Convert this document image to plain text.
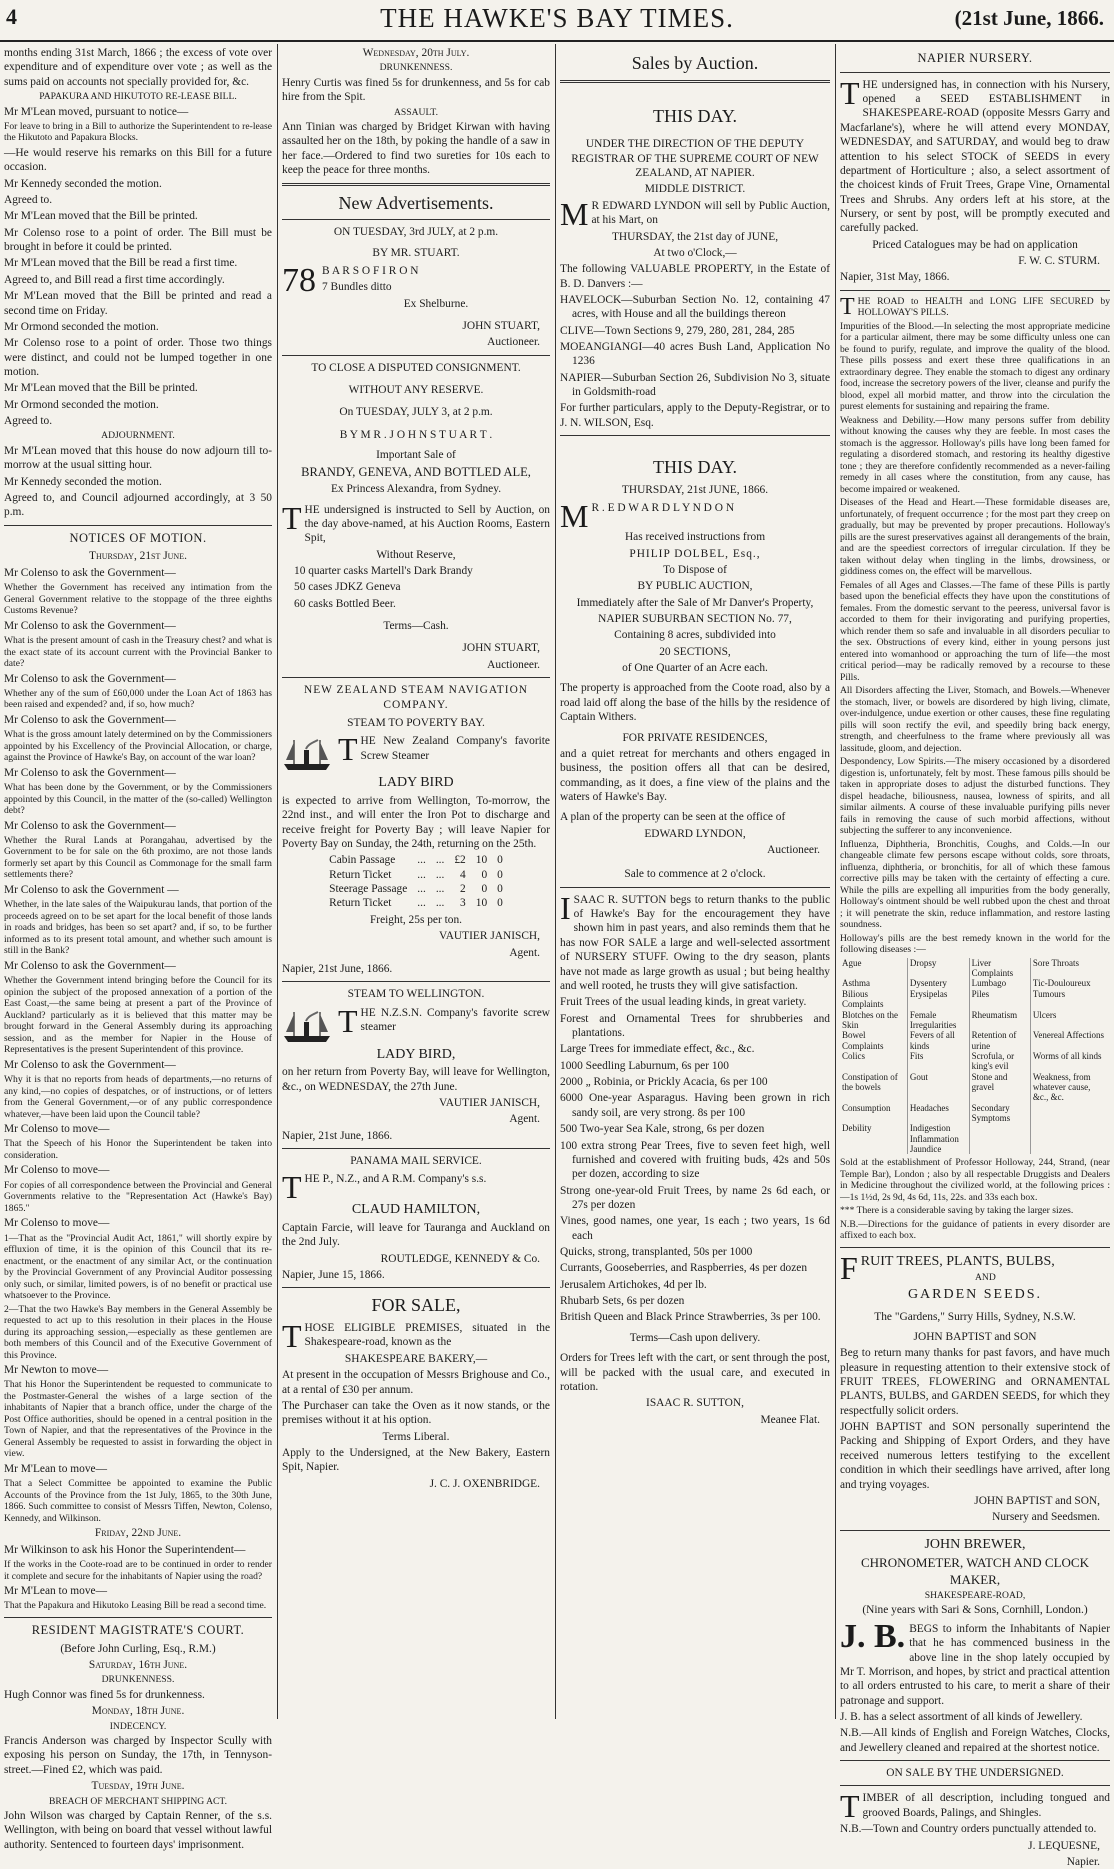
4	THE HAWKE'S BAY TIMES.	(21st June, 1866.

months ending 31st March, 1866 ; the excess of vote over expenditure and of expenditure over vote ; as well as the sums paid on accounts not specially provided for, &c.

PAPAKURA AND HIKUTOTO RE-LEASE BILL.

Mr M'Lean moved, pursuant to notice—

For leave to bring in a Bill to authorize the Superintendent to re-lease the Hikutoto and Papakura Blocks.

—He would reserve his remarks on this Bill for a future occasion.

Mr Kennedy seconded the motion.

Agreed to.

Mr M'Lean moved that the Bill be printed.

Mr Colenso rose to a point of order. The Bill must be brought in before it could be printed.

Mr M'Lean moved that the Bill be read a first time.

Agreed to, and Bill read a first time accordingly.

Mr M'Lean moved that the Bill be printed and read a second time on Friday.

Mr Ormond seconded the motion.

Mr Colenso rose to a point of order. Those two things were distinct, and could not be lumped together in one motion.

Mr M'Lean moved that the Bill be printed.

Mr Ormond seconded the motion.

Agreed to.

ADJOURNMENT.

Mr M'Lean moved that this house do now adjourn till to-morrow at the usual sitting hour.

Mr Kennedy seconded the motion.

Agreed to, and Council adjourned accordingly, at 3 50 p.m.

NOTICES OF MOTION.

Thursday, 21st June.

Mr Colenso to ask the Government—

Whether the Government has received any intimation from the General Government relative to the stoppage of the three eighths Customs Revenue?

Mr Colenso to ask the Government—

What is the present amount of cash in the Treasury chest? and what is the exact state of its account current with the Provincial Banker to date?

Mr Colenso to ask the Government—

Whether any of the sum of £60,000 under the Loan Act of 1863 has been raised and expended? and, if so, how much?

Mr Colenso to ask the Government—

What is the gross amount lately determined on by the Commissioners appointed by his Excellency of the Provincial Allocation, or charge, against the Province of Hawke's Bay, on account of the war loan?

Mr Colenso to ask the Government—

What has been done by the Government, or by the Commissioners appointed by this Council, in the matter of the (so-called) Wellington debt?

Mr Colenso to ask the Government—

Whether the Rural Lands at Porangahau, advertised by the Government to be for sale on the 6th proximo, are not those lands formerly set apart by this Council as Commonage for the small farm settlements there?

Mr Colenso to ask the Government —

Whether, in the late sales of the Waipukurau lands, that portion of the proceeds agreed on to be set apart for the local benefit of those lands in roads and bridges, has been so set apart? and, if so, to be further informed as to its present total amount, and whether such amount is still in the Bank?

Mr Colenso to ask the Government—

Whether the Government intend bringing before the Council for its opinion the subject of the proposed annexation of a portion of the East Coast,—the same being at present a part of the Province of Auckland? particularly as it is believed that this matter may be brought forward in the General Assembly during its approaching session, and as the member for Napier in the House of Representatives is the present Superintendent of this province.

Mr Colenso to ask the Government—

Why it is that no reports from heads of departments,—no returns of any kind,—no copies of despatches, or of instructions, or of letters from the General Government,—or of any public correspondence whatever,—have been laid upon the Council table?

Mr Colenso to move—

That the Speech of his Honor the Superintendent be taken into consideration.

Mr Colenso to move—

For copies of all correspondence between the Provincial and General Governments relative to the "Representation Act (Hawke's Bay) 1865."

Mr Colenso to move—

1—That as the "Provincial Audit Act, 1861," will shortly expire by effluxion of time, it is the opinion of this Council that its re-enactment, or the enactment of any similar Act, or the continuation by the Provincial Government of any Provincial Auditor possessing only such, or similar, limited powers, is of no benefit or practical use whatsoever to the Province.

2—That the two Hawke's Bay members in the General Assembly be requested to act up to this resolution in their places in the House during its approaching session,—especially as these gentlemen are both members of this Council and of the Executive Government of this Province.

Mr Newton to move—

That his Honor the Superintendent be requested to communicate to the Postmaster-General the wishes of a large section of the inhabitants of Napier that a branch office, under the charge of the Post Office authorities, should be opened in a central position in the Town of Napier, and that the representatives of the Province in the General Assembly be requested to assist in forwarding the object in view.

Mr M'Lean to move—

That a Select Committee be appointed to examine the Public Accounts of the Province from the 1st July, 1865, to the 30th June, 1866. Such committee to consist of Messrs Tiffen, Newton, Colenso, Kennedy, and Wilkinson.

Friday, 22nd June.

Mr Wilkinson to ask his Honor the Superintendent—

If the works in the Coote-road are to be continued in order to render it complete and secure for the inhabitants of Napier using the road?

Mr M'Lean to move—

That the Papakura and Hikutoko Leasing Bill be read a second time.

RESIDENT MAGISTRATE'S COURT.

(Before John Curling, Esq., R.M.)

Saturday, 16th June.

DRUNKENNESS.

Hugh Connor was fined 5s for drunkenness.

Monday, 18th June.

INDECENCY.

Francis Anderson was charged by Inspector Scully with exposing his person on Sunday, the 17th, in Tennyson-street.—Fined £2, which was paid.

Tuesday, 19th June.

BREACH OF MERCHANT SHIPPING ACT.

John Wilson was charged by Captain Renner, of the s.s. Wellington, with being on board that vessel without lawful authority. Sentenced to fourteen days' imprisonment.

Wednesday, 20th July.

DRUNKENNESS.

Henry Curtis was fined 5s for drunkenness, and 5s for cab hire from the Spit.

ASSAULT.

Ann Tinian was charged by Bridget Kirwan with having assaulted her on the 18th, by poking the handle of a saw in her face.—Ordered to find two sureties for 10s each to keep the peace for three months.

New Advertisements.

ON TUESDAY, 3rd JULY, at 2 p.m.

BY MR. STUART.

78 B A R S O F I R O N

7 Bundles ditto

Ex Shelburne.

JOHN STUART,

Auctioneer.

TO CLOSE A DISPUTED CONSIGNMENT.

WITHOUT ANY RESERVE.

On TUESDAY, JULY 3, at 2 p.m.

B Y M R . J O H N S T U A R T .

Important Sale of

BRANDY, GENEVA, AND BOTTLED ALE,

Ex Princess Alexandra, from Sydney.

THE undersigned is instructed to Sell by Auction, on the day above-named, at his Auction Rooms, Eastern Spit,

Without Reserve,

10 quarter casks Martell's Dark Brandy

50 cases JDKZ Geneva

60 casks Bottled Beer.

Terms—Cash.

JOHN STUART,

Auctioneer.

NEW ZEALAND STEAM NAVIGATION COMPANY.

STEAM TO POVERTY BAY.

THE New Zealand Company's favorite Screw Steamer

LADY BIRD

is expected to arrive from Wellington, To-morrow, the 22nd inst., and will enter the Iron Pot to discharge and receive freight for Poverty Bay ; will leave Napier for Poverty Bay on Sunday, the 24th, returning on the 25th.

Cabin Passage	...	...	£2	10	0
Return Ticket	...	...	4	0	0
Steerage Passage	...	...	2	0	0
Return Ticket	...	...	3	10	0

Freight, 25s per ton.

VAUTIER JANISCH,

Agent.

Napier, 21st June, 1866.

STEAM TO WELLINGTON.

THE N.Z.S.N. Company's favorite screw steamer

LADY BIRD,

on her return from Poverty Bay, will leave for Wellington, &c., on WEDNESDAY, the 27th June.

VAUTIER JANISCH,

Agent.

Napier, 21st June, 1866.

PANAMA MAIL SERVICE.

THE P., N.Z., and A R.M. Company's s.s.

CLAUD HAMILTON,

Captain Farcie, will leave for Tauranga and Auckland on the 2nd July.

ROUTLEDGE, KENNEDY & Co.

Napier, June 15, 1866.

FOR SALE,

THOSE ELIGIBLE PREMISES, situated in the Shakespeare-road, known as the

SHAKESPEARE BAKERY,—

At present in the occupation of Messrs Brighouse and Co., at a rental of £30 per annum.

The Purchaser can take the Oven as it now stands, or the premises without it at his option.

Terms Liberal.

Apply to the Undersigned, at the New Bakery, Eastern Spit, Napier.

J. C. J. OXENBRIDGE.

Sales by Auction.

THIS DAY.

UNDER THE DIRECTION OF THE DEPUTY REGISTRAR OF THE SUPREME COURT OF NEW ZEALAND, AT NAPIER.

MIDDLE DISTRICT.

M R EDWARD LYNDON will sell by Public Auction, at his Mart, on

THURSDAY, the 21st day of JUNE,

At two o'Clock,—

The following VALUABLE PROPERTY, in the Estate of B. D. Danvers :—

HAVELOCK—Suburban Section No. 12, containing 47 acres, with House and all the buildings thereon

CLIVE—Town Sections 9, 279, 280, 281, 284, 285

MOEANGIANGI—40 acres Bush Land, Application No 1236

NAPIER—Suburban Section 26, Subdivision No 3, situate in Goldsmith-road

For further particulars, apply to the Deputy-Registrar, or to J. N. WILSON, Esq.

THIS DAY.

THURSDAY, 21st JUNE, 1866.

M R . E D W A R D L Y N D O N

Has received instructions from

PHILIP DOLBEL, Esq.,

To Dispose of

BY PUBLIC AUCTION,

Immediately after the Sale of Mr Danver's Property,

NAPIER SUBURBAN SECTION No. 77,

Containing 8 acres, subdivided into

20 SECTIONS,

of One Quarter of an Acre each.

The property is approached from the Coote road, also by a road laid off along the base of the hills by the residence of Captain Withers.

FOR PRIVATE RESIDENCES,

and a quiet retreat for merchants and others engaged in business, the position offers all that can be desired, commanding, as it does, a fine view of the plains and the waters of Hawke's Bay.

A plan of the property can be seen at the office of

EDWARD LYNDON,

Auctioneer.

Sale to commence at 2 o'clock.

ISAAC R. SUTTON begs to return thanks to the public of Hawke's Bay for the encouragement they have shown him in past years, and also reminds them that he has now FOR SALE a large and well-selected assortment of NURSERY STUFF. Owing to the dry season, plants have not made as large growth as usual ; but being healthy and well rooted, he trusts they will give satisfaction.

Fruit Trees of the usual leading kinds, in great variety.

Forest and Ornamental Trees for shrubberies and plantations.

Large Trees for immediate effect, &c., &c.

1000 Seedling Laburnum, 6s per 100

2000 „ Robinia, or Prickly Acacia, 6s per 100

6000 One-year Asparagus. Having been grown in rich sandy soil, are very strong. 8s per 100

500 Two-year Sea Kale, strong, 6s per dozen

100 extra strong Pear Trees, five to seven feet high, well furnished and covered with fruiting buds, 42s and 50s per dozen, according to size

Strong one-year-old Fruit Trees, by name 2s 6d each, or 27s per dozen

Vines, good names, one year, 1s each ; two years, 1s 6d each

Quicks, strong, transplanted, 50s per 1000

Currants, Gooseberries, and Raspberries, 4s per dozen

Jerusalem Artichokes, 4d per lb.

Rhubarb Sets, 6s per dozen

British Queen and Black Prince Strawberries, 3s per 100.

Terms—Cash upon delivery.

Orders for Trees left with the cart, or sent through the post, will be packed with the usual care, and executed in rotation.

ISAAC R. SUTTON,

Meanee Flat.

NAPIER NURSERY.

THE undersigned has, in connection with his Nursery, opened a SEED ESTABLISHMENT in SHAKESPEARE-ROAD (opposite Messrs Garry and Macfarlane's), where he will attend every MONDAY, WEDNESDAY, and SATURDAY, and would beg to draw attention to his select STOCK of SEEDS in every department of Horticulture ; also, a select assortment of the choicest kinds of Fruit Trees, Grape Vine, Ornamental Trees and Shrubs. Any orders left at his store, at the Nursery, or sent by post, will be promptly executed and carefully packed.

Priced Catalogues may be had on application

F. W. C. STURM.

Napier, 31st May, 1866.

THE ROAD to HEALTH and LONG LIFE SECURED by HOLLOWAY'S PILLS.

Impurities of the Blood.—In selecting the most appropriate medicine for a particular ailment, there may be some difficulty unless one can be found to purify, regulate, and improve the quality of the blood. These pills possess and exert these three qualifications in an extraordinary degree. They enable the stomach to digest any ordinary food, increase the secretory powers of the liver, cleanse and purify the blood, expel all morbid matter, and throw into the circulation the purest elements for sustaining and repairing the frame.

Weakness and Debility.—How many persons suffer from debility without knowing the causes why they are feeble. In most cases the stomach is the aggressor. Holloway's pills have long been famed for regulating a disordered stomach, and restoring its healthy digestive tone ; they are therefore confidently recommended as a never-failing remedy in all cases where the constitution, from any cause, has become impaired or weakened.

Diseases of the Head and Heart.—These formidable diseases are, unfortunately, of frequent occurrence ; for the most part they creep on gradually, but may be prevented by proper precautions. Holloway's pills are the surest preservatives against all derangements of the brain, and are the speediest correctors of irregular circulation. If they be taken without delay when tingling in the limbs, drowsiness, or giddiness comes on, the effect will be marvellous.

Females of all Ages and Classes.—The fame of these Pills is partly based upon the beneficial effects they have upon the constitutions of females. From the domestic servant to the peeress, universal favor is accorded to them for their invigorating and purifying properties, which render them so safe and invaluable in all disorders peculiar to the sex. Obstructions of every kind, either in young persons just entered into womanhood or approaching the turn of life—the most critical period—may be radically removed by a recourse to these Pills.

All Disorders affecting the Liver, Stomach, and Bowels.—Whenever the stomach, liver, or bowels are disordered by high living, climate, over-indulgence, undue exertion or other causes, these fine regulating pills will soon rectify the evil, and speedily bring back energy, strength, and cheerfulness to the frame where previously all was lassitude, gloom, and dejection.

Despondency, Low Spirits.—The misery occasioned by a disordered digestion is, unfortunately, felt by most. These famous pills should be taken in appropriate doses to adjust the disturbed functions. They dispel headache, biliousness, nausea, lowness of spirits, and all similar ailments. A course of these invaluable purifying pills never fails in removing the cause of such morbid affections, without subjecting the sufferer to any inconvenience.

Influenza, Diphtheria, Bronchitis, Coughs, and Colds.—In our changeable climate few persons escape without colds, sore throats, influenza, diphtheria, or bronchitis, for all of which these famous corrective pills may be taken with the certainty of effecting a cure. While the pills are expelling all impurities from the body generally, Holloway's ointment should be well rubbed upon the chest and throat ; it will penetrate the skin, reduce inflammation, and restore lasting soundness.

Holloway's pills are the best remedy known in the world for the following diseases :—

Ague	Dropsy	Liver Complaints	Sore Throats
Asthma	Dysentery	Lumbago	Tic-Douloureux
Bilious Complaints	Erysipelas	Piles	Tumours
Blotches on the Skin	Female Irregularities	Rheumatism	Ulcers
Bowel Complaints	Fevers of all kinds	Retention of urine	Venereal Affections
Colics	Fits	Scrofula, or king's evil	Worms of all kinds
Constipation of the bowels	Gout	Stone and gravel	Weakness, from whatever cause, &c., &c.
Consumption	Headaches	Secondary Symptoms	
Debility	Indigestion		
	Inflammation		
	Jaundice		

Sold at the establishment of Professor Holloway, 244, Strand, (near Temple Bar), London ; also by all respectable Druggists and Dealers in Medicine throughout the civilized world, at the following prices :—1s 1½d, 2s 9d, 4s 6d, 11s, 22s. and 33s each box.

*** There is a considerable saving by taking the larger sizes.

N.B.—Directions for the guidance of patients in every disorder are affixed to each box.

FRUIT TREES, PLANTS, BULBS,

AND

GARDEN SEEDS.

The "Gardens," Surry Hills, Sydney, N.S.W.

JOHN BAPTIST and SON

Beg to return many thanks for past favors, and have much pleasure in requesting attention to their extensive stock of FRUIT TREES, FLOWERING and ORNAMENTAL PLANTS, BULBS, and GARDEN SEEDS, for which they respectfully solicit orders.

JOHN BAPTIST and SON personally superintend the Packing and Shipping of Export Orders, and they have received numerous letters testifying to the excellent condition in which their seedlings have arrived, after long and trying voyages.

JOHN BAPTIST and SON,

Nursery and Seedsmen.

JOHN BREWER,

CHRONOMETER, WATCH AND CLOCK MAKER,

SHAKESPEARE-ROAD,

(Nine years with Sari & Sons, Cornhill, London.)

J. B. BEGS to inform the Inhabitants of Napier that he has commenced business in the above line in the shop lately occupied by Mr T. Morrison, and hopes, by strict and practical attention to all orders entrusted to his care, to merit a share of their patronage and support.

J. B. has a select assortment of all kinds of Jewellery.

N.B.—All kinds of English and Foreign Watches, Clocks, and Jewellery cleaned and repaired at the shortest notice.

ON SALE BY THE UNDERSIGNED.

TIMBER of all description, including tongued and grooved Boards, Palings, and Shingles.

N.B.—Town and Country orders punctually attended to.

J. LEQUESNE,

Napier.
